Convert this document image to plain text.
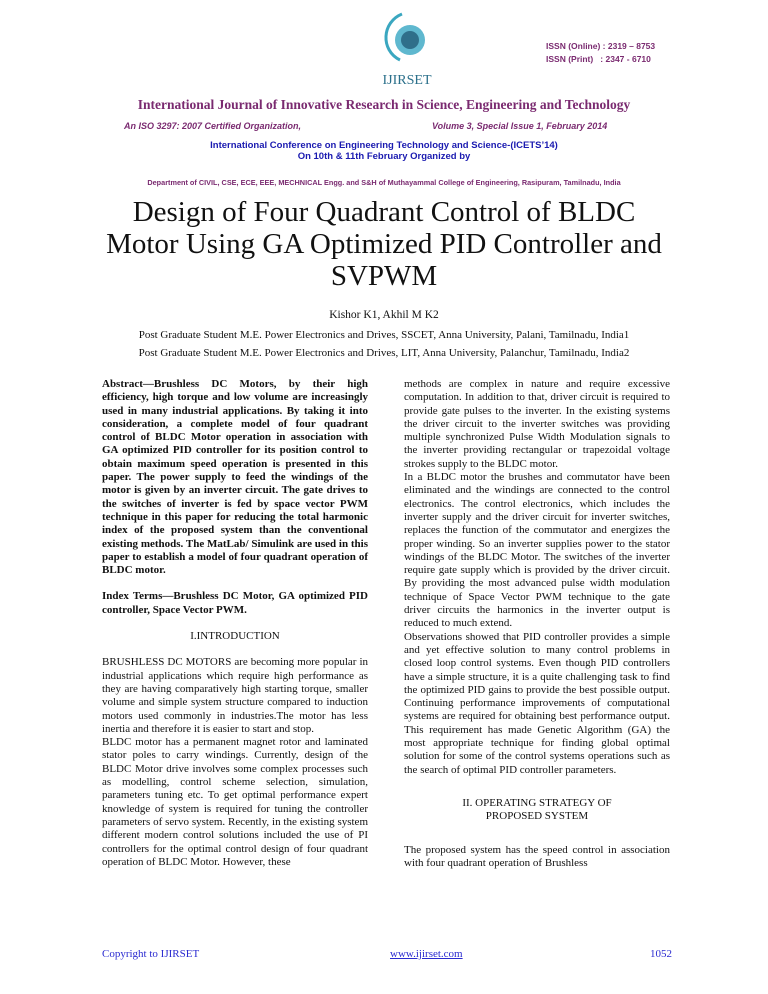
IJIRSET
ISSN (Online) : 2319 – 8753
ISSN (Print)   : 2347 - 6710
International Journal of Innovative Research in Science, Engineering and Technology
An ISO 3297: 2007 Certified Organization,	Volume 3, Special Issue 1, February 2014
International Conference on Engineering Technology and Science-(ICETS’14)
On 10th & 11th February Organized by
Department of CIVIL, CSE, ECE, EEE, MECHNICAL Engg. and S&H of Muthayammal College of Engineering, Rasipuram, Tamilnadu, India
Design of Four Quadrant Control of BLDC Motor Using GA Optimized PID Controller and SVPWM
Kishor K1, Akhil M K2
Post Graduate Student M.E. Power Electronics and Drives, SSCET, Anna University, Palani, Tamilnadu, India1
Post Graduate Student M.E. Power Electronics and Drives, LIT, Anna University, Palanchur, Tamilnadu, India2

Abstract—Brushless DC Motors, by their high efficiency, high torque and low volume are increasingly used in many industrial applications. By taking it into consideration, a complete model of four quadrant control of BLDC Motor operation in association with GA optimized PID controller for its position control to obtain maximum speed operation is presented in this paper. The power supply to feed the windings of the motor is given by an inverter circuit. The gate drives to the switches of inverter is fed by space vector PWM technique in this paper for reducing the total harmonic index of the proposed system than the conventional existing methods. The MatLab/ Simulink are used in this paper to establish a model of four quadrant operation of BLDC motor.

Index Terms—Brushless DC Motor, GA optimized PID controller, Space Vector PWM.

I.INTRODUCTION

BRUSHLESS DC MOTORS are becoming more popular in industrial applications which require high performance as they are having comparatively high starting torque, smaller volume and simple system structure compared to induction motors used commonly in industries.The motor has less inertia and therefore it is easier to start and stop.

BLDC motor has a permanent magnet rotor and laminated stator poles to carry windings. Currently, design of the BLDC Motor drive involves some complex processes such as modelling, control scheme selection, simulation, parameters tuning etc. To get optimal performance expert knowledge of system is required for tuning the controller parameters of servo system. Recently, in the existing system different modern control solutions included the use of PI controllers for the optimal control design of four quadrant operation of BLDC Motor. However, these

methods are complex in nature and require excessive computation. In addition to that, driver circuit is required to provide gate pulses to the inverter. In the existing systems the driver circuit to the inverter switches was providing multiple synchronized Pulse Width Modulation signals to the inverter providing rectangular or trapezoidal voltage strokes supply to the BLDC motor.

In a BLDC motor the brushes and commutator have been eliminated and the windings are connected to the control electronics. The control electronics, which includes the inverter supply and the driver circuit for inverter switches, replaces the function of the commutator and energizes the proper winding. So an inverter supplies power to the stator windings of the BLDC Motor. The switches of the inverter require gate supply which is provided by the driver circuit. By providing the most advanced pulse width modulation technique of Space Vector PWM technique to the gate driver circuits the harmonics in the inverter output is reduced to much extend.

Observations showed that PID controller provides a simple and yet effective solution to many control problems in closed loop control systems. Even though PID controllers have a simple structure, it is a quite challenging task to find the optimized PID gains to provide the best possible output. Continuing performance improvements of computational systems are required for obtaining best performance output. This requirement has made Genetic Algorithm (GA) the most appropriate technique for finding global optimal solution for some of the control systems operations such as the search of optimal PID controller parameters.

II. OPERATING STRATEGY OF PROPOSED SYSTEM

The proposed system has the speed control in association with four quadrant operation of Brushless

Copyright to IJIRSET	www.ijirset.com	1052
